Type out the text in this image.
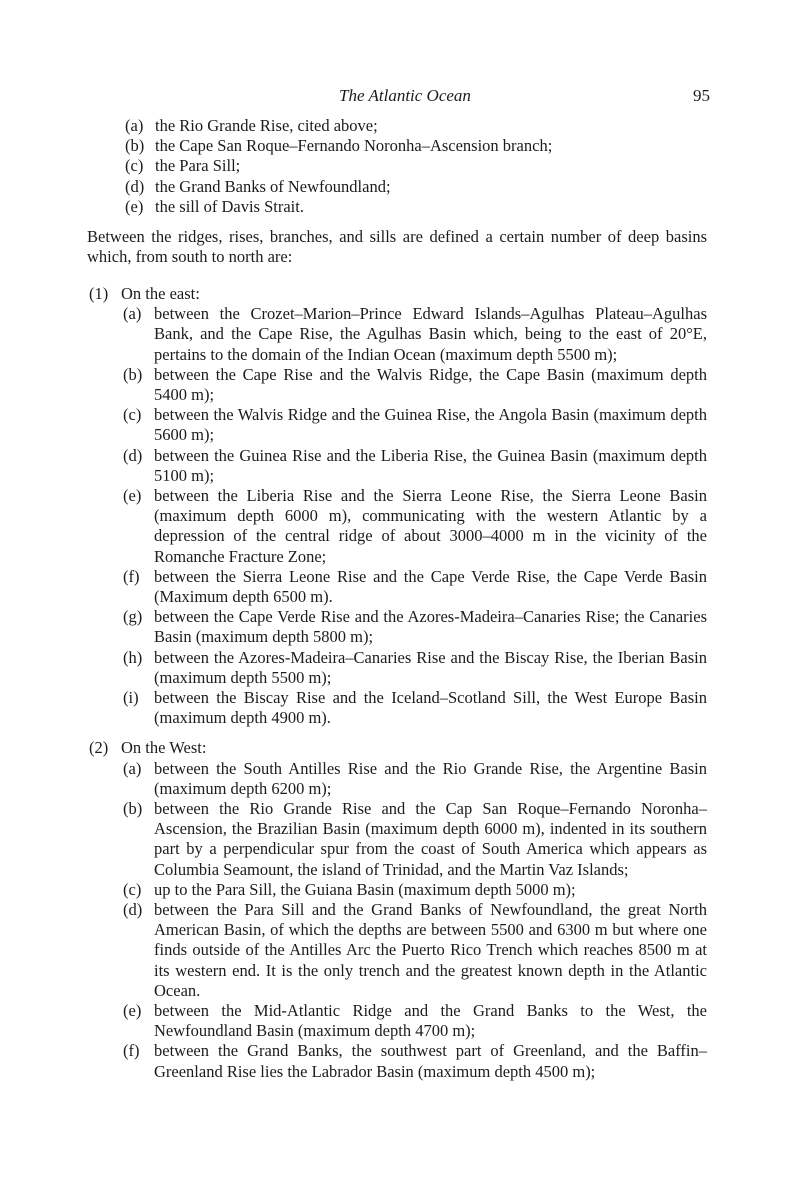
The Atlantic Ocean	95
(a) the Rio Grande Rise, cited above;
(b) the Cape San Roque–Fernando Noronha–Ascension branch;
(c) the Para Sill;
(d) the Grand Banks of Newfoundland;
(e) the sill of Davis Strait.

Between the ridges, rises, branches, and sills are defined a certain number of deep basins which, from south to north are:

(1) On the east:
(a) between the Crozet–Marion–Prince Edward Islands–Agulhas Plateau–Agulhas Bank, and the Cape Rise, the Agulhas Basin which, being to the east of 20°E, pertains to the domain of the Indian Ocean (maximum depth 5500 m);
(b) between the Cape Rise and the Walvis Ridge, the Cape Basin (maximum depth 5400 m);
(c) between the Walvis Ridge and the Guinea Rise, the Angola Basin (maximum depth 5600 m);
(d) between the Guinea Rise and the Liberia Rise, the Guinea Basin (maximum depth 5100 m);
(e) between the Liberia Rise and the Sierra Leone Rise, the Sierra Leone Basin (maximum depth 6000 m), communicating with the western Atlantic by a depression of the central ridge of about 3000–4000 m in the vicinity of the Romanche Fracture Zone;
(f) between the Sierra Leone Rise and the Cape Verde Rise, the Cape Verde Basin (Maximum depth 6500 m).
(g) between the Cape Verde Rise and the Azores-Madeira–Canaries Rise; the Canaries Basin (maximum depth 5800 m);
(h) between the Azores-Madeira–Canaries Rise and the Biscay Rise, the Iberian Basin (maximum depth 5500 m);
(i) between the Biscay Rise and the Iceland–Scotland Sill, the West Europe Basin (maximum depth 4900 m).
(2) On the West:
(a) between the South Antilles Rise and the Rio Grande Rise, the Argentine Basin (maximum depth 6200 m);
(b) between the Rio Grande Rise and the Cap San Roque–Fernando Noronha–Ascension, the Brazilian Basin (maximum depth 6000 m), indented in its southern part by a perpendicular spur from the coast of South America which appears as Columbia Seamount, the island of Trinidad, and the Martin Vaz Islands;
(c) up to the Para Sill, the Guiana Basin (maximum depth 5000 m);
(d) between the Para Sill and the Grand Banks of Newfoundland, the great North American Basin, of which the depths are between 5500 and 6300 m but where one finds outside of the Antilles Arc the Puerto Rico Trench which reaches 8500 m at its western end. It is the only trench and the greatest known depth in the Atlantic Ocean.
(e) between the Mid-Atlantic Ridge and the Grand Banks to the West, the Newfoundland Basin (maximum depth 4700 m);
(f) between the Grand Banks, the southwest part of Greenland, and the Baffin–Greenland Rise lies the Labrador Basin (maximum depth 4500 m);
